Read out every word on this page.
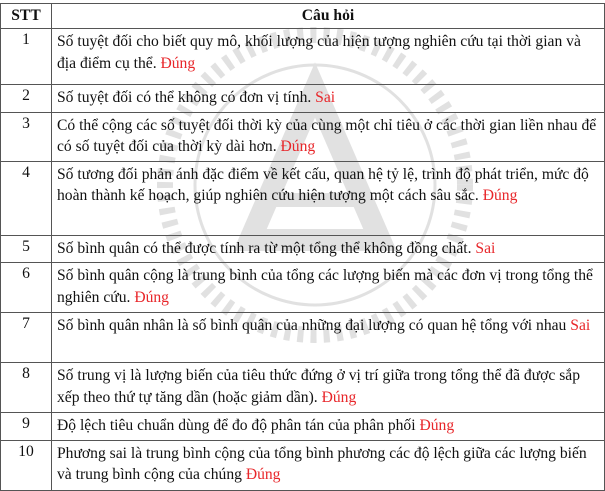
STT	Câu hỏi
1	Số tuyệt đối cho biết quy mô, khối lượng của hiện tượng nghiên cứu tại thời gian và địa điểm cụ thể. Đúng
2	Số tuyệt đối có thể không có đơn vị tính. Sai
3	Có thể cộng các số tuyệt đối thời kỳ của cùng một chỉ tiêu ở các thời gian liền nhau để có số tuyệt đối của thời kỳ dài hơn. Đúng
4	Số tương đối phản ánh đặc điểm về kết cấu, quan hệ tỷ lệ, trình độ phát triển, mức độ hoàn thành kế hoạch, giúp nghiên cứu hiện tượng một cách sâu sắc. Đúng
5	Số bình quân có thể được tính ra từ một tổng thể không đồng chất. Sai
6	Số bình quân cộng là trung bình của tổng các lượng biến mà các đơn vị trong tổng thể nghiên cứu. Đúng
7	Số bình quân nhân là số bình quân của những đại lượng có quan hệ tổng với nhau Sai
8	Số trung vị là lượng biến của tiêu thức đứng ở vị trí giữa trong tổng thể đã được sắp xếp theo thứ tự tăng dần (hoặc giảm dần). Đúng
9	Độ lệch tiêu chuẩn dùng để đo độ phân tán của phân phối Đúng
10	Phương sai là trung bình cộng của tổng bình phương các độ lệch giữa các lượng biến và trung bình cộng của chúng Đúng
